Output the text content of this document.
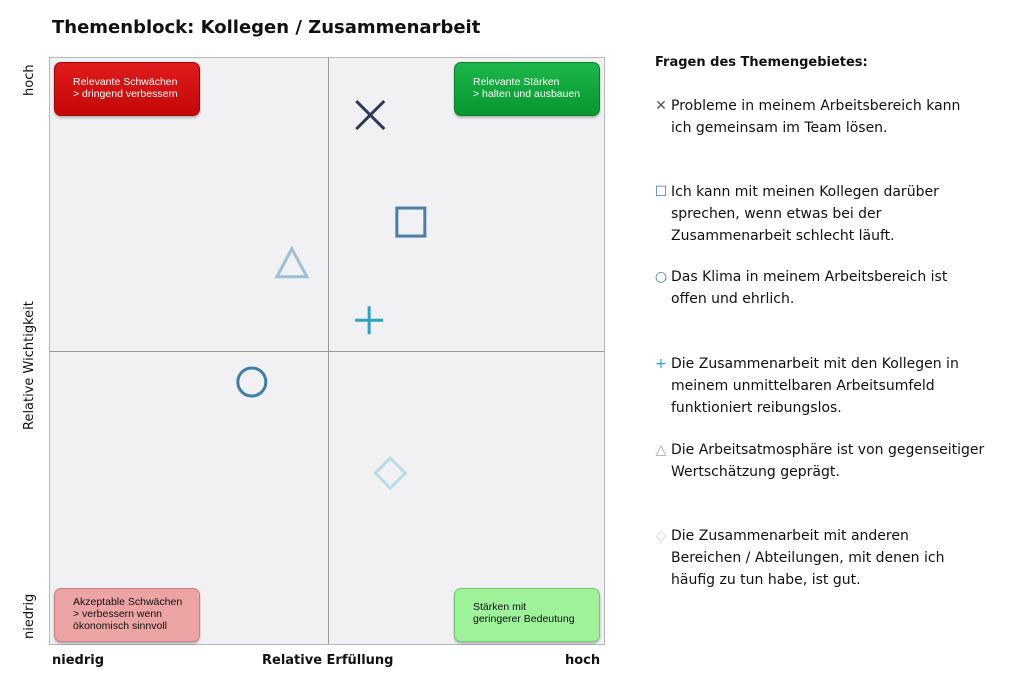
Themenblock: Kollegen / Zusammenarbeit
Relevante Schwächen
> dringend verbessern
Relevante Stärken
> halten und ausbauen
Akzeptable Schwächen
> verbessern wenn
ökonomisch sinnvoll
Stärken mit
geringerer Bedeutung
hoch
Relative Wichtigkeit
niedrig
niedrig	Relative Erfüllung	hoch
Fragen des Themengebietes:
✕ Probleme in meinem Arbeitsbereich kann
ich gemeinsam im Team lösen.
☐ Ich kann mit meinen Kollegen darüber
sprechen, wenn etwas bei der
Zusammenarbeit schlecht läuft.
○ Das Klima in meinem Arbeitsbereich ist
offen und ehrlich.
+ Die Zusammenarbeit mit den Kollegen in
meinem unmittelbaren Arbeitsumfeld
funktioniert reibungslos.
△ Die Arbeitsatmosphäre ist von gegenseitiger
Wertschätzung geprägt.
◇ Die Zusammenarbeit mit anderen
Bereichen / Abteilungen, mit denen ich
häufig zu tun habe, ist gut.
